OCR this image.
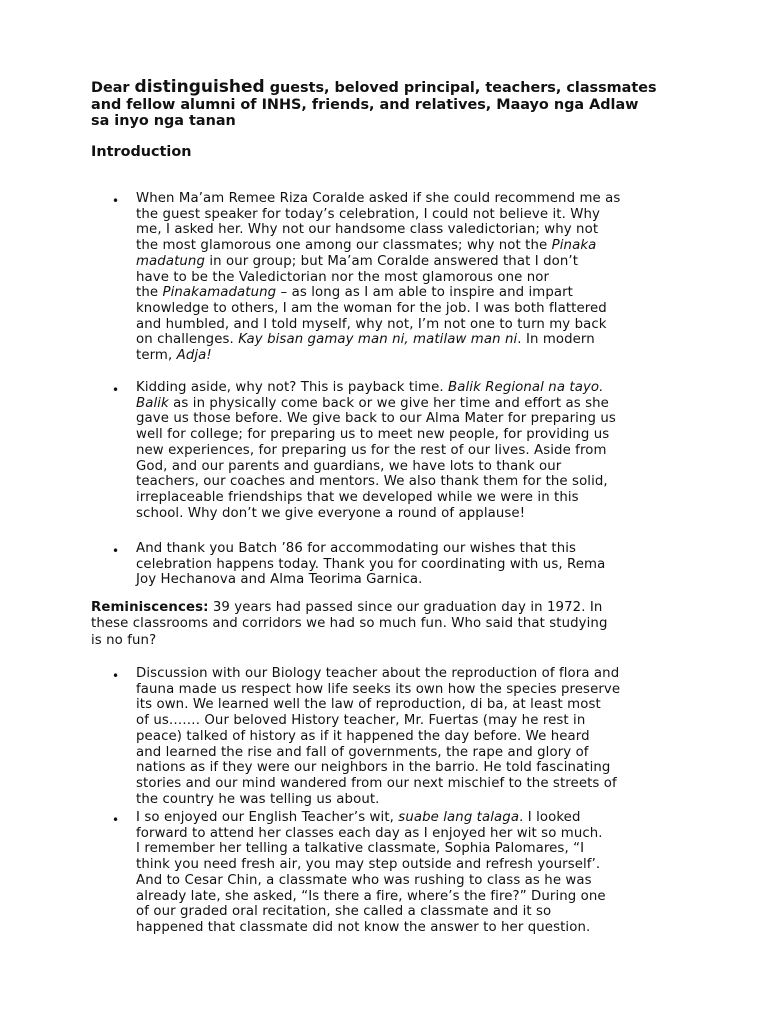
Dear distinguished guests, beloved principal, teachers, classmates
and fellow alumni of INHS, friends, and relatives, Maayo nga Adlaw
sa inyo nga tanan

Introduction
• When Ma’am Remee Riza Coralde asked if she could recommend me as
the guest speaker for today’s celebration, I could not believe it. Why
me, I asked her. Why not our handsome class valedictorian; why not
the most glamorous one among our classmates; why not the Pinaka
madatung in our group; but Ma’am Coralde answered that I don’t
have to be the Valedictorian nor the most glamorous one nor
the Pinakamadatung – as long as I am able to inspire and impart
knowledge to others, I am the woman for the job. I was both flattered
and humbled, and I told myself, why not, I’m not one to turn my back
on challenges. Kay bisan gamay man ni, matilaw man ni. In modern
term, Adja!

• Kidding aside, why not? This is payback time. Balik Regional na tayo.
Balik as in physically come back or we give her time and effort as she
gave us those before. We give back to our Alma Mater for preparing us
well for college; for preparing us to meet new people, for providing us
new experiences, for preparing us for the rest of our lives. Aside from
God, and our parents and guardians, we have lots to thank our
teachers, our coaches and mentors. We also thank them for the solid,
irreplaceable friendships that we developed while we were in this
school. Why don’t we give everyone a round of applause!

• And thank you Batch ’86 for accommodating our wishes that this
celebration happens today. Thank you for coordinating with us, Rema
Joy Hechanova and Alma Teorima Garnica.

Reminiscences: 39 years had passed since our graduation day in 1972. In
these classrooms and corridors we had so much fun. Who said that studying
is no fun?

• Discussion with our Biology teacher about the reproduction of flora and
fauna made us respect how life seeks its own how the species preserve
its own. We learned well the law of reproduction, di ba, at least most
of us……. Our beloved History teacher, Mr. Fuertas (may he rest in
peace) talked of history as if it happened the day before. We heard
and learned the rise and fall of governments, the rape and glory of
nations as if they were our neighbors in the barrio. He told fascinating
stories and our mind wandered from our next mischief to the streets of
the country he was telling us about.

• I so enjoyed our English Teacher’s wit, suabe lang talaga. I looked
forward to attend her classes each day as I enjoyed her wit so much.
I remember her telling a talkative classmate, Sophia Palomares, “I
think you need fresh air, you may step outside and refresh yourself’.
And to Cesar Chin, a classmate who was rushing to class as he was
already late, she asked, “Is there a fire, where’s the fire?” During one
of our graded oral recitation, she called a classmate and it so
happened that classmate did not know the answer to her question.
